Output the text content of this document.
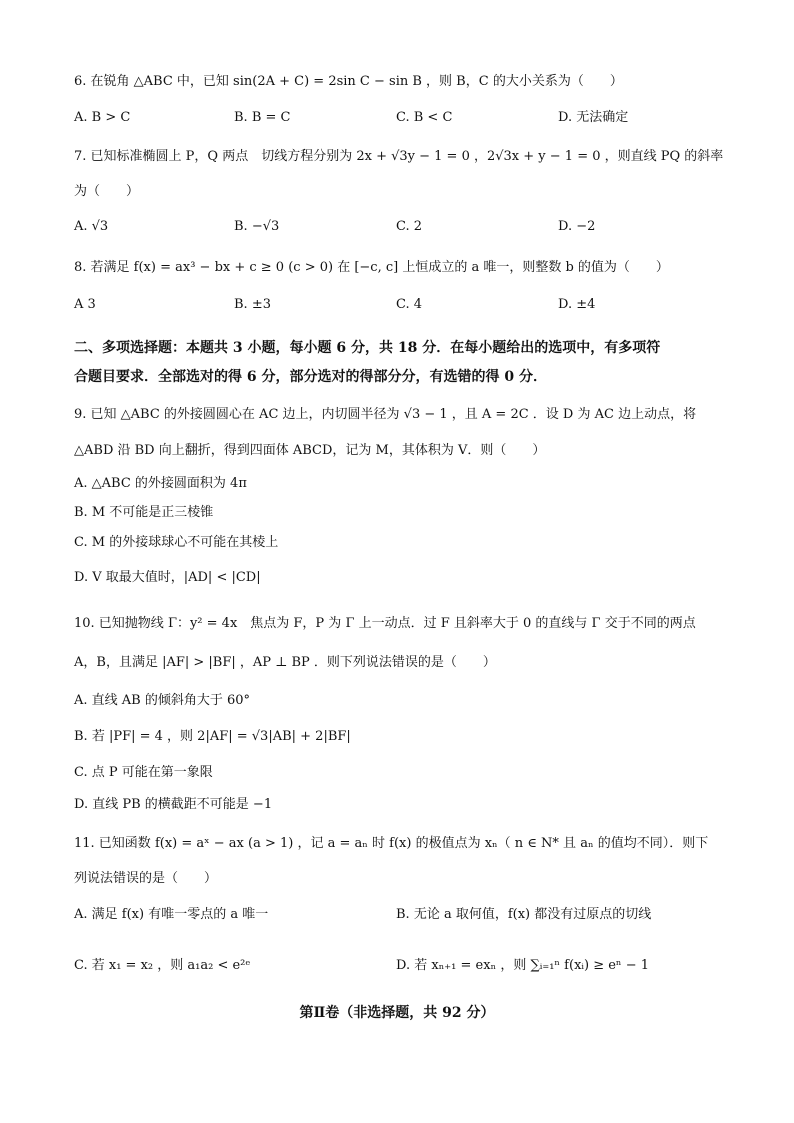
6. 在锐角 △ABC 中，已知 sin(2A + C) = 2sin C − sin B ，则 B，C 的大小关系为（　　）
A. B > C	B. B = C	C. B < C	D. 无法确定
7. 已知标准椭圆上 P，Q 两点　切线方程分别为 2x + √3y − 1 = 0 ，2√3x + y − 1 = 0 ，则直线 PQ 的斜率
为（　　）
A. √3	B. −√3	C. 2	D. −2
8. 若满足 f(x) = ax³ − bx + c ≥ 0 (c > 0) 在 [−c, c] 上恒成立的 a 唯一，则整数 b 的值为（　　）
A 3	B. ±3	C. 4	D. ±4
二、多项选择题：本题共 3 小题，每小题 6 分，共 18 分．在每小题给出的选项中，有多项符
合题目要求．全部选对的得 6 分，部分选对的得部分分，有选错的得 0 分．
9. 已知 △ABC 的外接圆圆心在 AC 边上，内切圆半径为 √3 − 1 ，且 A = 2C ．设 D 为 AC 边上动点，将
△ABD 沿 BD 向上翻折，得到四面体 ABCD，记为 M，其体积为 V．则（　　）
A. △ABC 的外接圆面积为 4π
B. M 不可能是正三棱锥
C. M 的外接球球心不可能在其棱上
D. V 取最大值时，|AD| < |CD|
10. 已知抛物线 Γ：y² = 4x　焦点为 F，P 为 Γ 上一动点．过 F 且斜率大于 0 的直线与 Γ 交于不同的两点
A，B，且满足 |AF| > |BF| ，AP ⊥ BP ．则下列说法错误的是（　　）
A. 直线 AB 的倾斜角大于 60°
B. 若 |PF| = 4 ，则 2|AF| = √3|AB| + 2|BF|
C. 点 P 可能在第一象限
D. 直线 PB 的横截距不可能是 −1
11. 已知函数 f(x) = aˣ − ax (a > 1) ，记 a = aₙ 时 f(x) 的极值点为 xₙ（ n ∈ N* 且 aₙ 的值均不同）．则下
列说法错误的是（　　）
A. 满足 f(x) 有唯一零点的 a 唯一	B. 无论 a 取何值，f(x) 都没有过原点的切线
C. 若 x₁ = x₂ ，则 a₁a₂ < e²ᵉ	D. 若 xₙ₊₁ = exₙ ，则 ∑ᵢ₌₁ⁿ f(xᵢ) ≥ eⁿ − 1
第Ⅱ卷（非选择题，共 92 分）
